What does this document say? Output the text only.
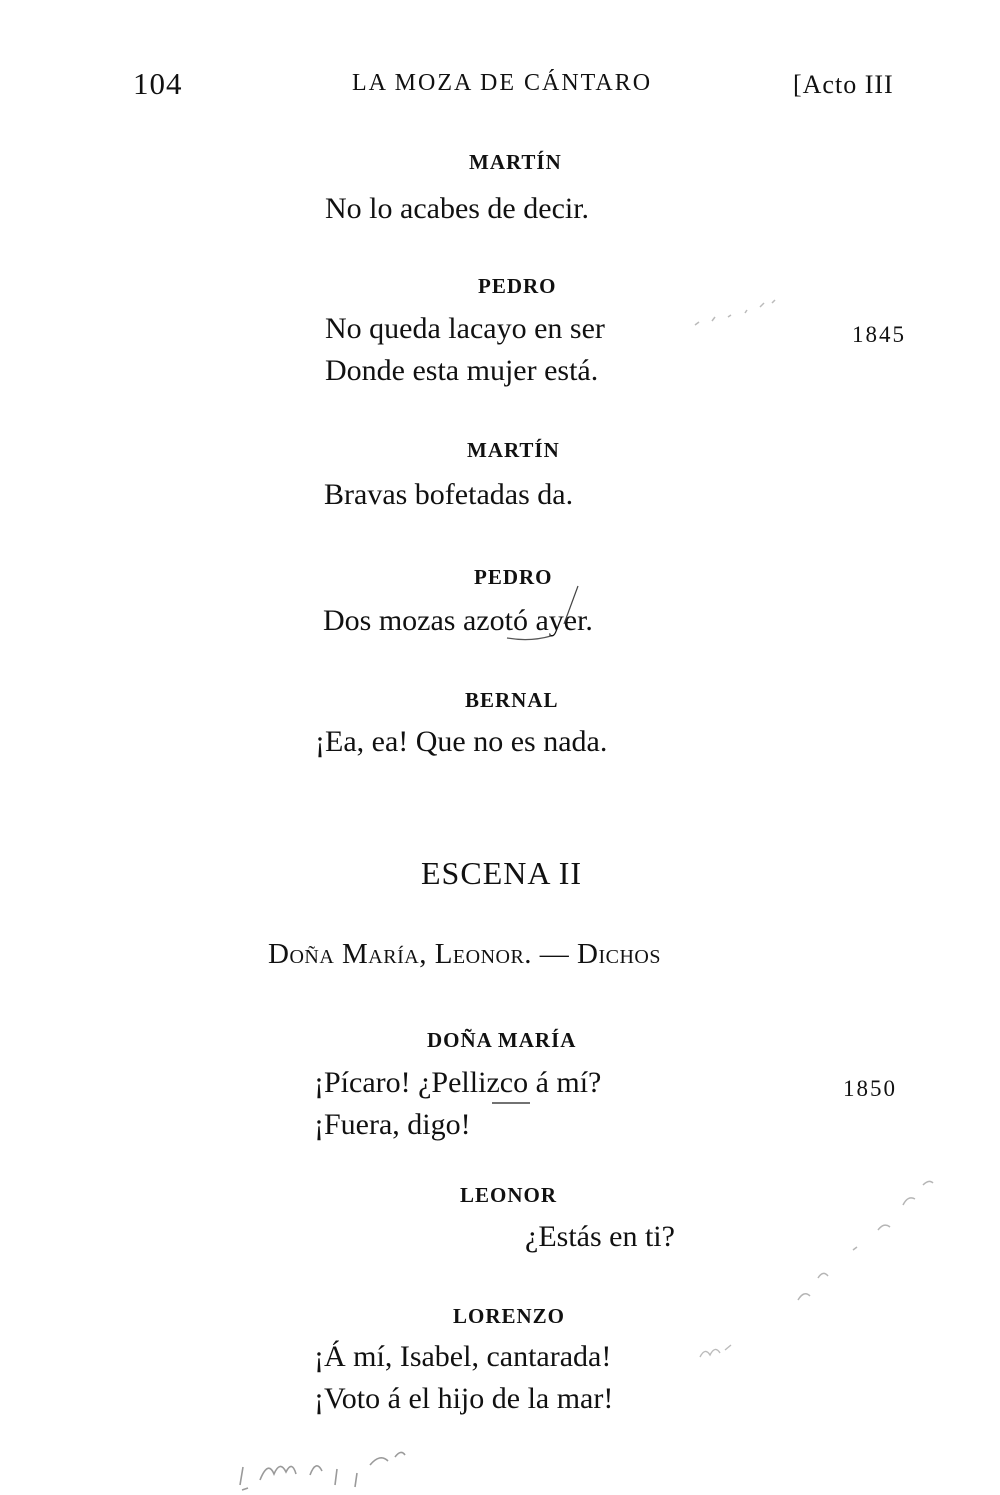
104	LA MOZA DE CÁNTARO	[Acto III
MARTÍN
No lo acabes de decir.
PEDRO
No queda lacayo en ser	1845
Donde esta mujer está.
MARTÍN
Bravas bofetadas da.
PEDRO
Dos mozas azotó ayer.
BERNAL
¡Ea, ea! Que no es nada.
ESCENA II
Doña María, Leonor. — Dichos
DOÑA MARÍA
¡Pícaro! ¿Pellizco á mí?	1850
¡Fuera, digo!
LEONOR
¿Estás en ti?
LORENZO
¡Á mí, Isabel, cantarada!
¡Voto á el hijo de la mar!
